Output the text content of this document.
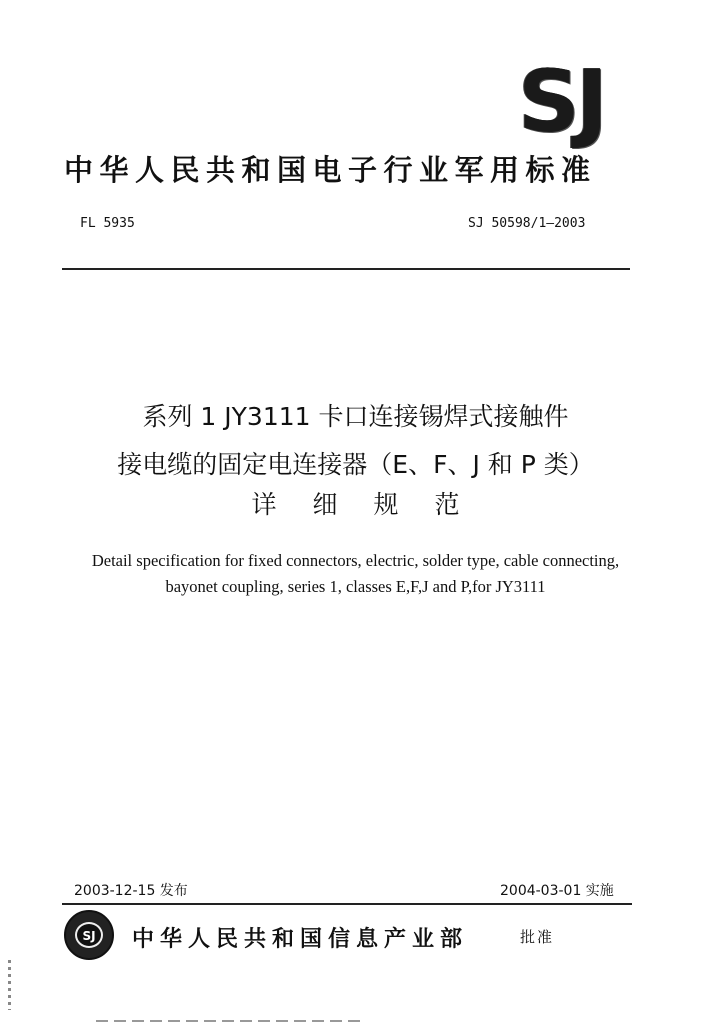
SJ
中华人民共和国电子行业军用标准
FL 5935	SJ 50598/1—2003
系列 1 JY3111 卡口连接锡焊式接触件
接电缆的固定电连接器（E、F、J 和 P 类）
详细规范
Detail specification for fixed connectors, electric, solder type, cable connecting,
bayonet coupling, series 1, classes E,F,J and P,for JY3111
2003-12-15 发布	2004-03-01 实施
SJ 中华人民共和国信息产业部	批准
